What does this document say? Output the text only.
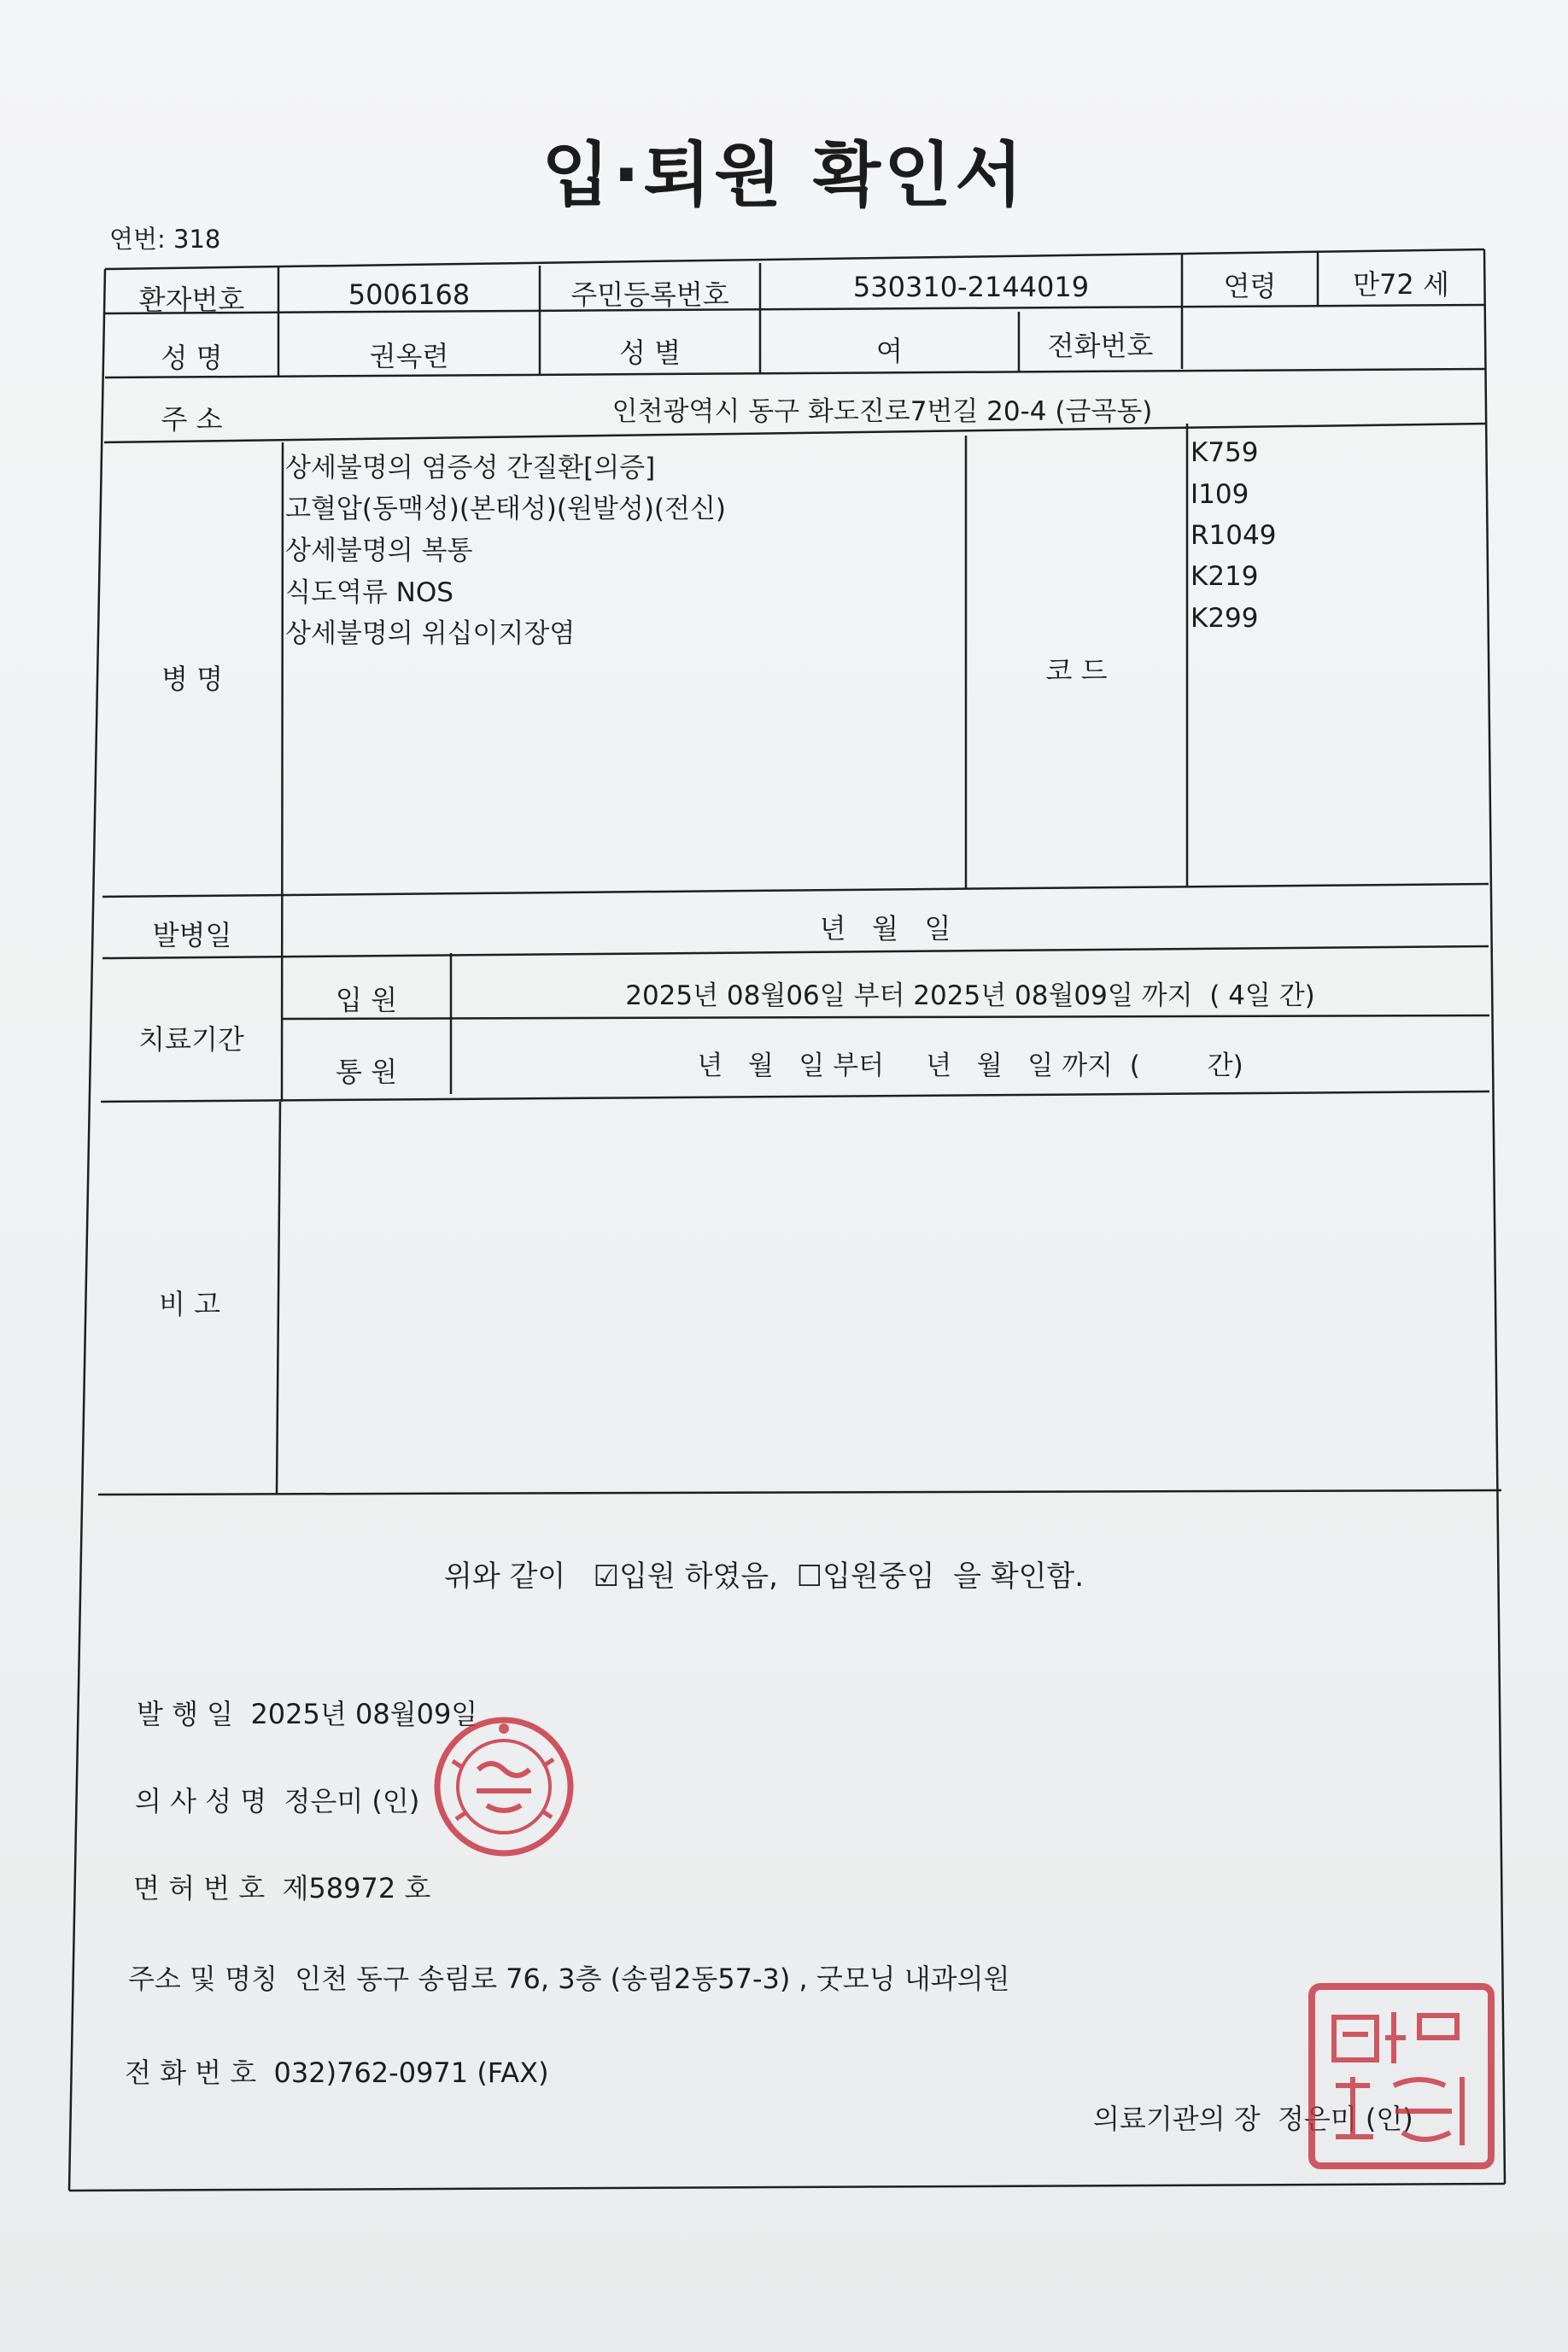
입·퇴원 확인서
연번: 318
환자번호	5006168	주민등록번호	530310-2144019	연령	만72 세
성 명	권옥련	성 별	여	전화번호
주 소	인천광역시 동구 화도진로7번길 20-4 (금곡동)
병 명
상세불명의 염증성 간질환[의증]
고혈압(동맥성)(본태성)(원발성)(전신)
상세불명의 복통
식도역류 NOS
상세불명의 위십이지장염
코 드
K759
I109
R1049
K219
K299
발병일	년   월   일
치료기간
입 원	2025년 08월06일 부터 2025년 08월09일 까지  ( 4일 간)
통 원	년   월   일 부터     년   월   일 까지  (        간)
비 고
위와 같이 ☑입원 하였음, ☐입원중임 을 확인함.
발 행 일 2025년 08월09일
의 사 성 명 정은미 (인)
면 허 번 호 제58972 호
주소 및 명칭 인천 동구 송림로 76, 3층 (송림2동57-3) , 굿모닝 내과의원
전 화 번 호 032)762-0971 (FAX)
의료기관의 장 정은미 (인)
